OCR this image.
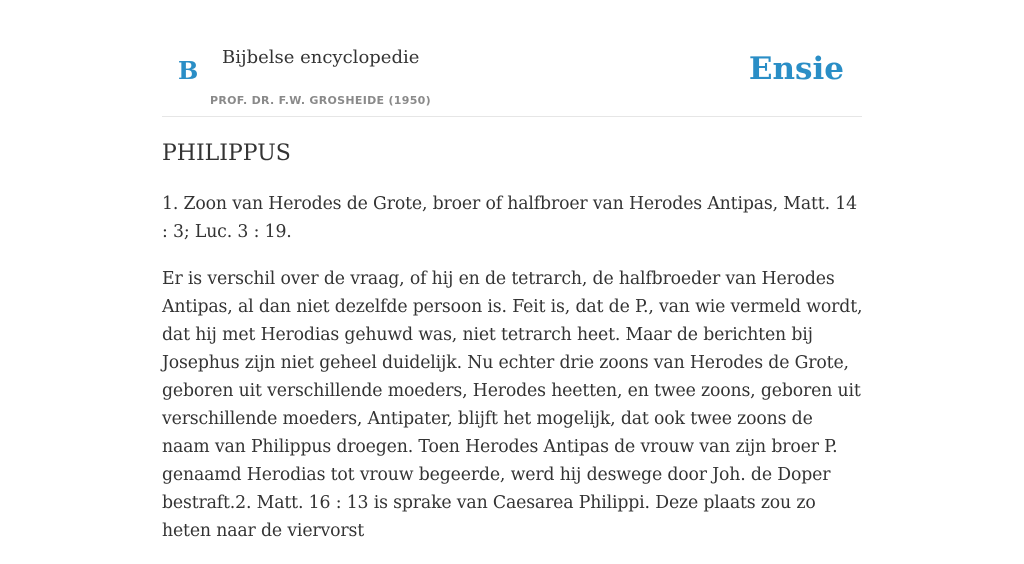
B Bijbelse encyclopedie
PROF. DR. F.W. GROSHEIDE (1950)
Ensie
PHILIPPUS

1. Zoon van Herodes de Grote, broer of halfbroer van Herodes Antipas, Matt. 14 : 3; Luc. 3 : 19.

Er is verschil over de vraag, of hij en de tetrarch, de halfbroeder van Herodes Antipas, al dan niet dezelfde persoon is. Feit is, dat de P., van wie vermeld wordt, dat hij met Herodias gehuwd was, niet tetrarch heet. Maar de berichten bij Josephus zijn niet geheel duidelijk. Nu echter drie zoons van Herodes de Grote, geboren uit verschillende moeders, Herodes heetten, en twee zoons, geboren uit verschillende moeders, Antipater, blijft het mogelijk, dat ook twee zoons de naam van Philippus droegen. Toen Herodes Antipas de vrouw van zijn broer P. genaamd Herodias tot vrouw begeerde, werd hij deswege door Joh. de Doper bestraft.2. Matt. 16 : 13 is sprake van Caesarea Philippi. Deze plaats zou zo heten naar de viervorst
